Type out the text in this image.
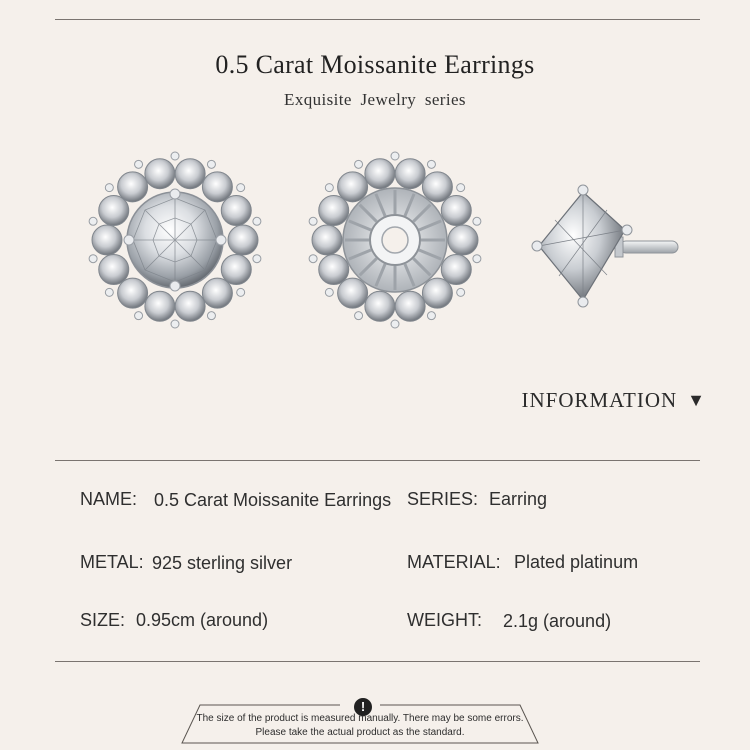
0.5 Carat Moissanite Earrings
Exquisite Jewelry series
INFORMATION ▼
NAME: 0.5 Carat Moissanite Earrings SERIES: Earring
METAL: 925 sterling silver	MATERIAL: Plated platinum
SIZE: 0.95cm (around)	WEIGHT: 2.1g (around)
!
The size of the product is measured manually. There may be some errors.
Please take the actual product as the standard.
